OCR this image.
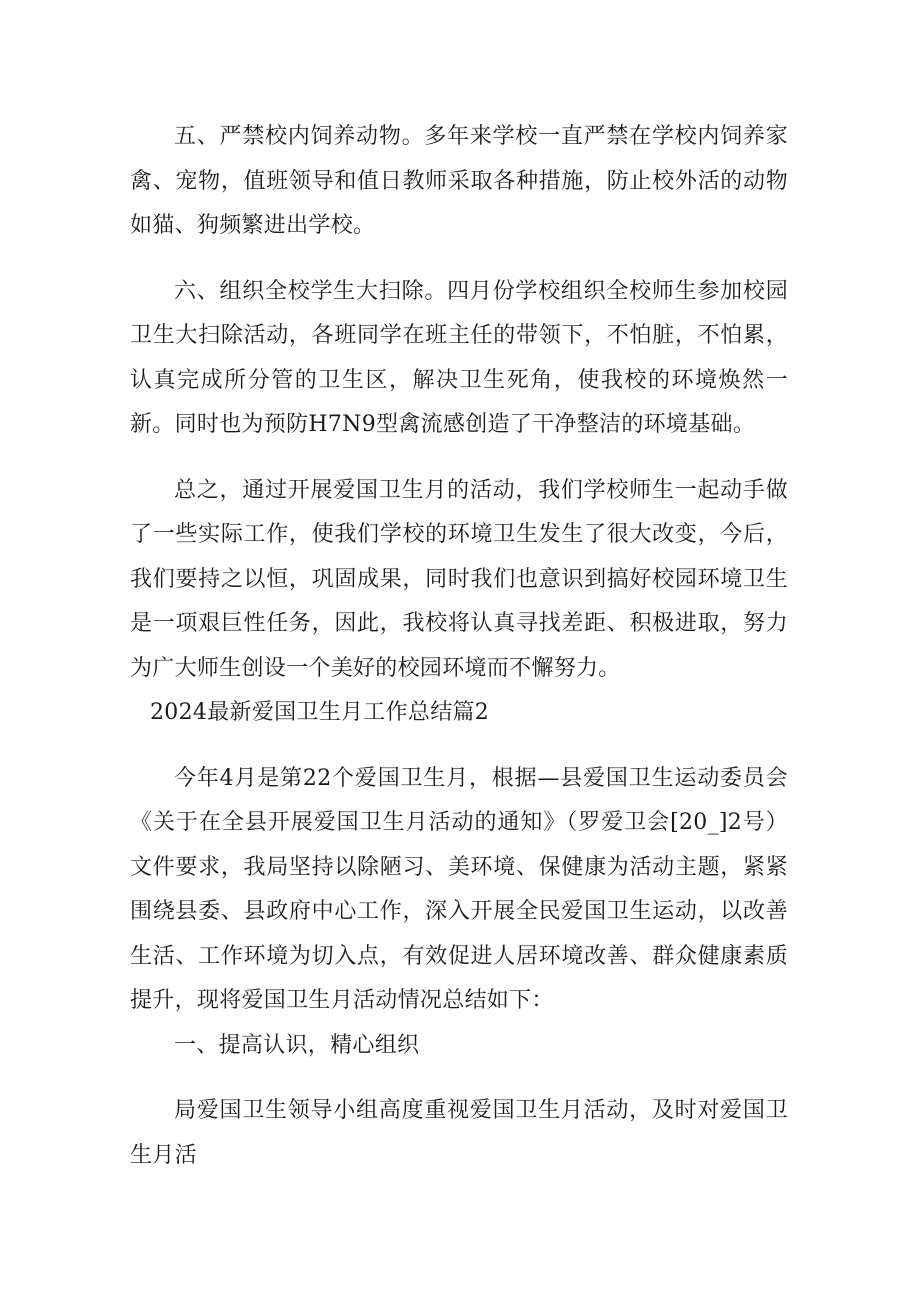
五、严禁校内饲养动物。多年来学校一直严禁在学校内饲养家禽、宠物，值班领导和值日教师采取各种措施，防止校外活的动物如猫、狗频繁进出学校。

六、组织全校学生大扫除。四月份学校组织全校师生参加校园卫生大扫除活动，各班同学在班主任的带领下，不怕脏，不怕累，认真完成所分管的卫生区，解决卫生死角，使我校的环境焕然一新。同时也为预防H7N9型禽流感创造了干净整洁的环境基础。

总之，通过开展爱国卫生月的活动，我们学校师生一起动手做了一些实际工作，使我们学校的环境卫生发生了很大改变，今后，我们要持之以恒，巩固成果，同时我们也意识到搞好校园环境卫生是一项艰巨性任务，因此，我校将认真寻找差距、积极进取，努力为广大师生创设一个美好的校园环境而不懈努力。

2024最新爱国卫生月工作总结篇2

今年4月是第22个爱国卫生月，根据—县爱国卫生运动委员会《关于在全县开展爱国卫生月活动的通知》（罗爱卫会[20_]2号）文件要求，我局坚持以除陋习、美环境、保健康为活动主题，紧紧围绕县委、县政府中心工作，深入开展全民爱国卫生运动，以改善生活、工作环境为切入点，有效促进人居环境改善、群众健康素质提升，现将爱国卫生月活动情况总结如下：

一、提高认识，精心组织

局爱国卫生领导小组高度重视爱国卫生月活动，及时对爱国卫生月活
